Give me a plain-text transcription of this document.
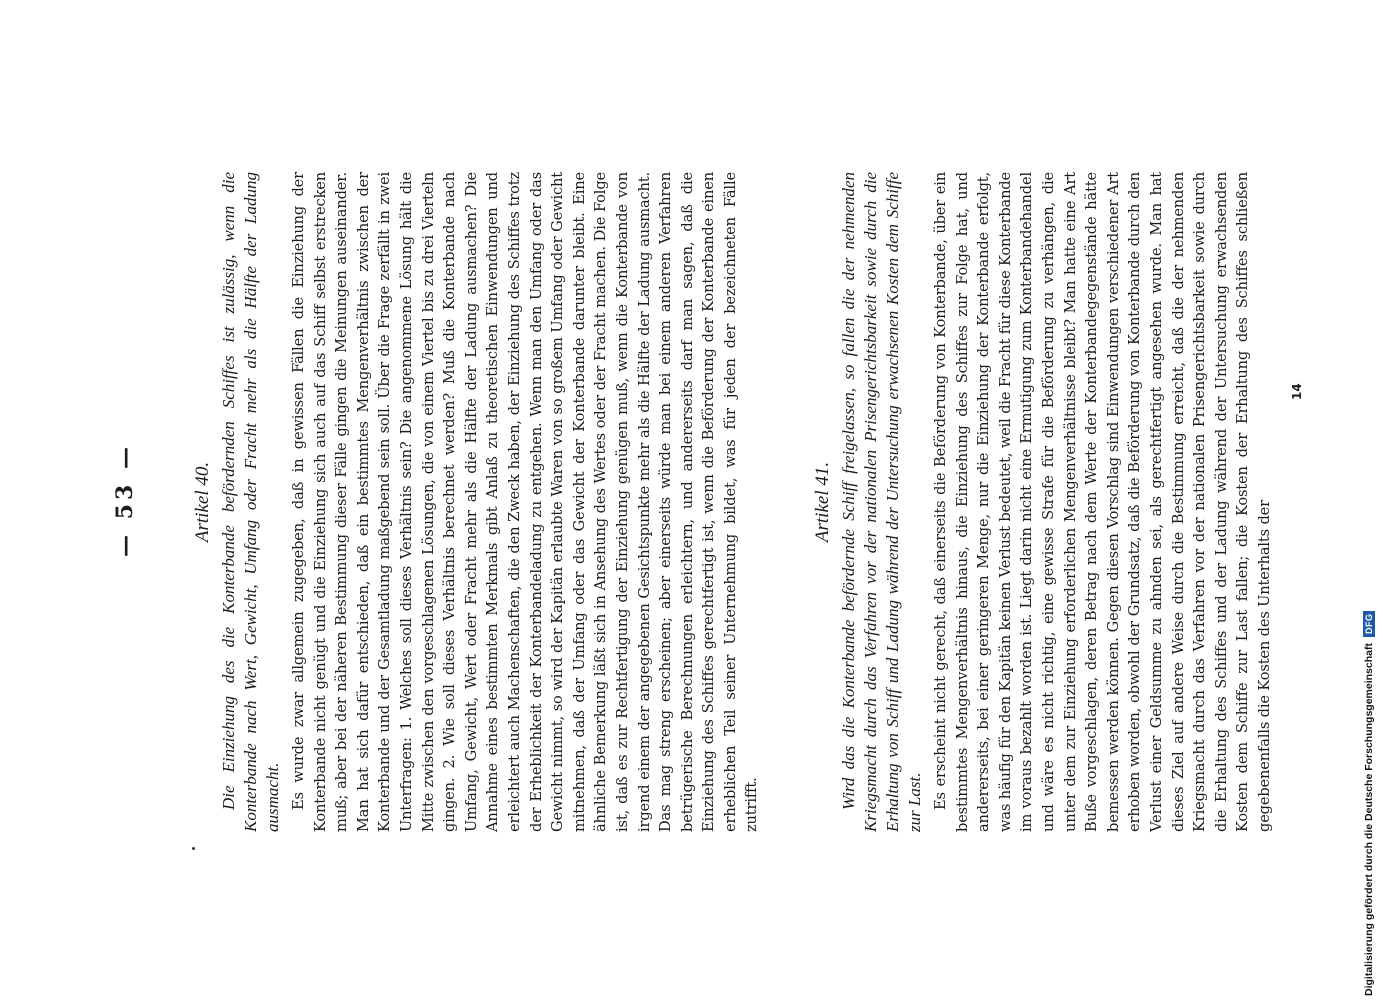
— 53 —	Artikel 40. Die Einziehung des die Konterbande befördernden Schiffes ist zulässig, wenn die Konterbande nach Wert, Gewicht, Umfang oder Fracht mehr als die Hälfte der Ladung ausmacht. Es wurde zwar allgemein zugegeben, daß in gewissen Fällen die Einziehung der Konterbande nicht genügt und die Einziehung sich auch auf das Schiff selbst erstrecken muß; aber bei der näheren Bestimmung dieser Fälle gingen die Meinungen auseinander. Man hat sich dafür entschieden, daß ein bestimmtes Mengenverhältnis zwischen der Konterbande und der Gesamtladung maßgebend sein soll. Über die Frage zerfällt in zwei Unterfragen: 1. Welches soll dieses Verhältnis sein? Die angenommene Lösung hält die Mitte zwischen den vorgeschlagenen Lösungen, die von einem Viertel bis zu drei Vierteln gingen. 2. Wie soll dieses Verhältnis berechnet werden? Muß die Konterbande nach Umfang, Gewicht, Wert oder Fracht mehr als die Hälfte der Ladung ausmachen? Die Annahme eines bestimmten Merkmals gibt Anlaß zu theoretischen Einwendungen und erleichtert auch Machenschaften, die den Zweck haben, der Einziehung des Schiffes trotz der Erheblichkeit der Konterbandeladung zu entgehen. Wenn man den Umfang oder das Gewicht nimmt, so wird der Kapitän erlaubte Waren von so großem Umfang oder Gewicht mitnehmen, daß der Umfang oder das Gewicht der Konterbande darunter bleibt. Eine ähnliche Bemerkung läßt sich in Ansehung des Wertes oder der Fracht machen. Die Folge ist, daß es zur Rechtfertigung der Einziehung genügen muß, wenn die Konterbande von irgend einem der angegebenen Gesichtspunkte mehr als die Hälfte der Ladung ausmacht. Das mag streng erscheinen; aber einerseits würde man bei einem anderen Verfahren betrügerische Berechnungen erleichtern, und andererseits darf man sagen, daß die Einziehung des Schiffes gerechtfertigt ist, wenn die Beförderung der Konterbande einen erheblichen Teil seiner Unternehmung bildet, was für jeden der bezeichneten Fälle zutrifft.

Artikel 41. Wird das die Konterbande befördernde Schiff freigelassen, so fallen die der nehmenden Kriegsmacht durch das Verfahren vor der nationalen Prisengerichtsbarkeit sowie durch die Erhaltung von Schiff und Ladung während der Untersuchung erwachsenen Kosten dem Schiffe zur Last. Es erscheint nicht gerecht, daß einerseits die Beförderung von Konterbande, über ein bestimmtes Mengenverhältnis hinaus, die Einziehung des Schiffes zur Folge hat, und andererseits, bei einer geringeren Menge, nur die Einziehung der Konterbande erfolgt, was häufig für den Kapitän keinen Verlust bedeutet, weil die Fracht für diese Konterbande im voraus bezahlt worden ist. Liegt darin nicht eine Ermutigung zum Konterbandehandel und wäre es nicht richtig, eine gewisse Strafe für die Beförderung zu verhängen, die unter dem zur Einziehung erforderlichen Mengenverhältnisse bleibt? Man hatte eine Art Buße vorgeschlagen, deren Betrag nach dem Werte der Konterbandegegenstände hätte bemessen werden können. Gegen diesen Vorschlag sind Einwendungen verschiedener Art erhoben worden, obwohl der Grundsatz, daß die Beförderung von Konterbande durch den Verlust einer Geldsumme zu ahnden sei, als gerechtfertigt angesehen wurde. Man hat dieses Ziel auf andere Weise durch die Bestimmung erreicht, daß die der nehmenden Kriegsmacht durch das Verfahren vor der nationalen Prisengerichtsbarkeit sowie durch die Erhaltung des Schiffes und der Ladung während der Untersuchung erwachsenden Kosten dem Schiffe zur Last fallen; die Kosten der Erhaltung des Schiffes schließen gegebenenfalls die Kosten des Unterhalts der

14
Digitalisierung gefördert durch die Deutsche Forschungsgemeinschaft
DFG
